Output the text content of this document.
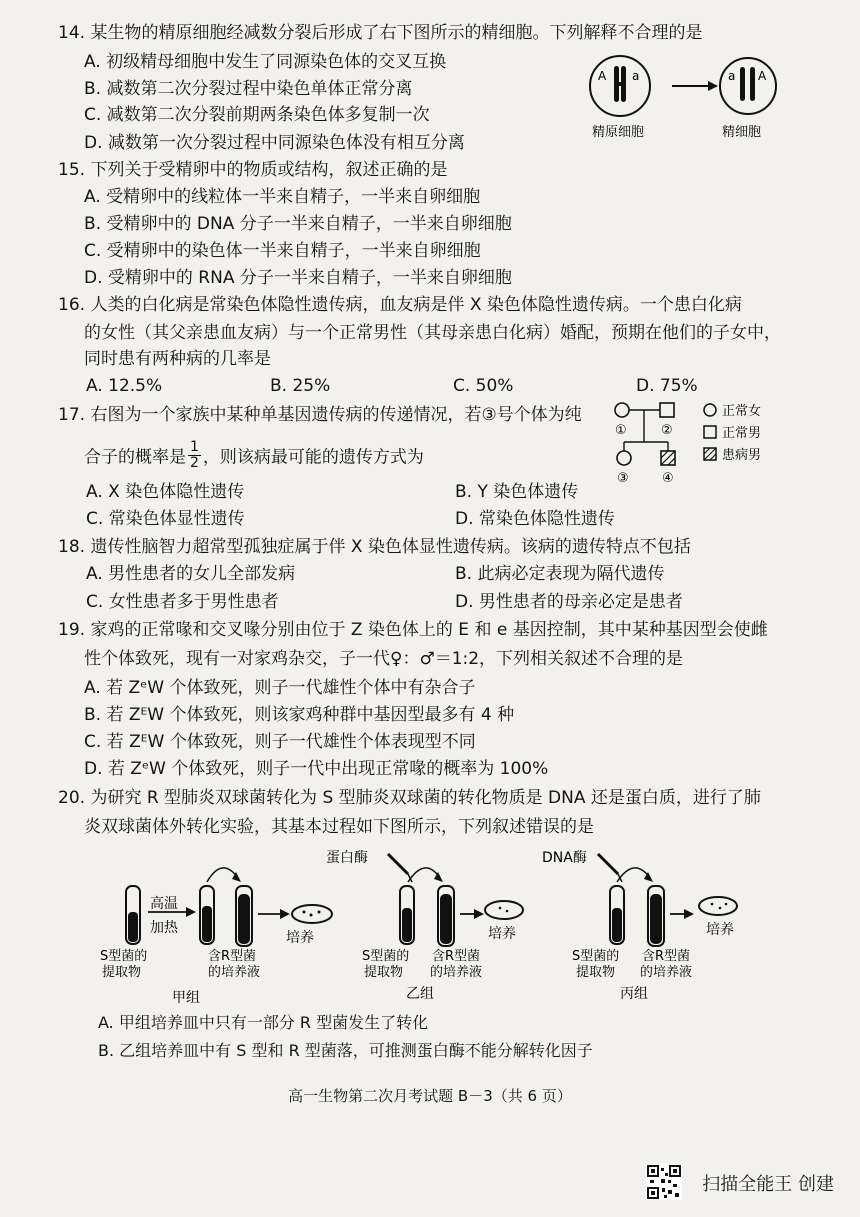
14. 某生物的精原细胞经减数分裂后形成了右下图所示的精细胞。下列解释不合理的是
A. 初级精母细胞中发生了同源染色体的交叉互换
B. 减数第二次分裂过程中染色单体正常分离
C. 减数第二次分裂前期两条染色体多复制一次
D. 减数第一次分裂过程中同源染色体没有相互分离
A a	a A
精原细胞	精细胞
15. 下列关于受精卵中的物质或结构，叙述正确的是
A. 受精卵中的线粒体一半来自精子，一半来自卵细胞
B. 受精卵中的 DNA 分子一半来自精子，一半来自卵细胞
C. 受精卵中的染色体一半来自精子，一半来自卵细胞
D. 受精卵中的 RNA 分子一半来自精子，一半来自卵细胞
16. 人类的白化病是常染色体隐性遗传病，血友病是伴 X 染色体隐性遗传病。一个患白化病
的女性（其父亲患血友病）与一个正常男性（其母亲患白化病）婚配，预期在他们的子女中，
同时患有两种病的几率是
A. 12.5%	B. 25%	C. 50%	D. 75%
17. 右图为一个家族中某种单基因遗传病的传递情况，若③号个体为纯
合子的概率是 $\frac{1}{2}$ ，则该病最可能的遗传方式为
A. X 染色体隐性遗传	B. Y 染色体遗传
C. 常染色体显性遗传	D. 常染色体隐性遗传
①	②
③	④
正常女
正常男
患病男
18. 遗传性脑智力超常型孤独症属于伴 X 染色体显性遗传病。该病的遗传特点不包括
A. 男性患者的女儿全部发病	B. 此病必定表现为隔代遗传
C. 女性患者多于男性患者	D. 男性患者的母亲必定是患者
19. 家鸡的正常喙和交叉喙分别由位于 Z 染色体上的 E 和 e 基因控制，其中某种基因型会使雌
性个体致死，现有一对家鸡杂交，子一代♀：♂＝1:2，下列相关叙述不合理的是
A. 若 ZᵉW 个体致死，则子一代雄性个体中有杂合子
B. 若 ZᴱW 个体致死，则该家鸡种群中基因型最多有 4 种
C. 若 ZᴱW 个体致死，则子一代雄性个体表现型不同
D. 若 ZᵉW 个体致死，则子一代中出现正常喙的概率为 100%
20. 为研究 R 型肺炎双球菌转化为 S 型肺炎双球菌的转化物质是 DNA 还是蛋白质，进行了肺
炎双球菌体外转化实验，其基本过程如下图所示，下列叙述错误的是
高温
加热
培养
S型菌的
提取物
含R型菌
的培养液
甲组
蛋白酶
培养
S型菌的
提取物
含R型菌
的培养液
乙组
DNA酶
培养
S型菌的
提取物
含R型菌
的培养液
丙组
A. 甲组培养皿中只有一部分 R 型菌发生了转化
B. 乙组培养皿中有 S 型和 R 型菌落，可推测蛋白酶不能分解转化因子
高一生物第二次月考试题 B－3（共 6 页）
扫描全能王 创建
